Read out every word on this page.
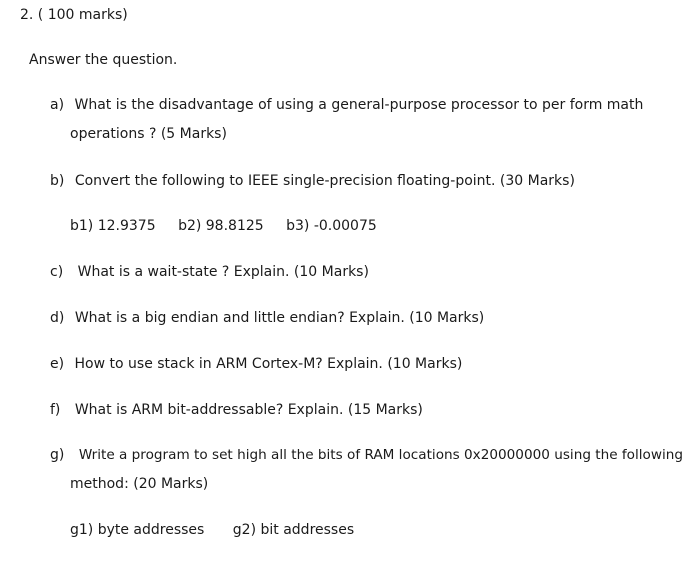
2. ( 100 marks)
Answer the question.
a) What is the disadvantage of using a general-purpose processor to per form math
operations ? (5 Marks)
b) Convert the following to IEEE single-precision floating-point. (30 Marks)
b1) 12.9375 b2) 98.8125 b3) -0.00075
c) What is a wait-state ? Explain. (10 Marks)
d) What is a big endian and little endian? Explain. (10 Marks)
e) How to use stack in ARM Cortex-M? Explain. (10 Marks)
f) What is ARM bit-addressable? Explain. (15 Marks)
g) Write a program to set high all the bits of RAM locations 0x20000000 using the following
method: (20 Marks)
g1) byte addresses g2) bit addresses
